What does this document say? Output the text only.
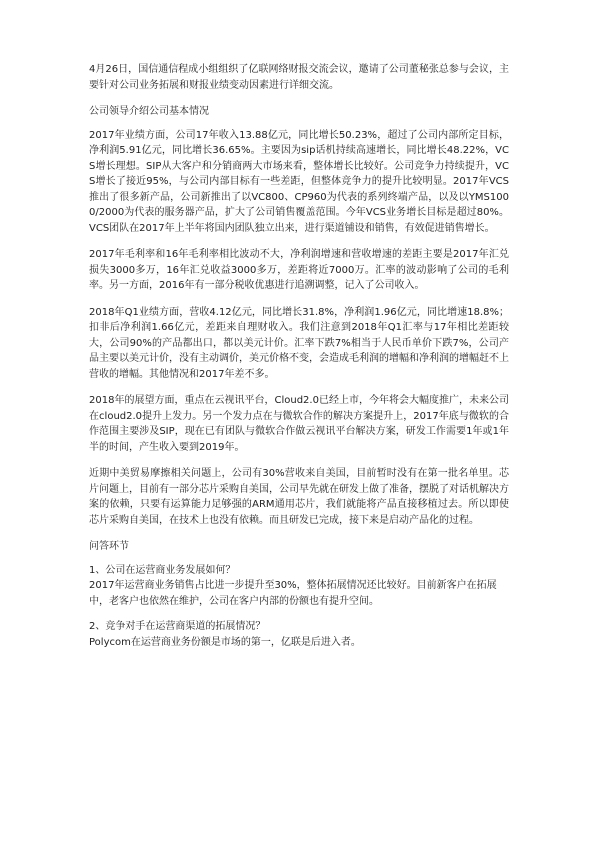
4月26日，国信通信程成小组组织了亿联网络财报交流会议，邀请了公司董秘张总参与会议，主要针对公司业务拓展和财报业绩变动因素进行详细交流。

公司领导介绍公司基本情况

2017年业绩方面，公司17年收入13.88亿元，同比增长50.23%，超过了公司内部所定目标，净利润5.91亿元，同比增长36.65%。主要因为sip话机持续高速增长，同比增长48.22%，VCS增长理想。SIP从大客户和分销商两大市场来看，整体增长比较好。公司竞争力持续提升，VCS增长了接近95%，与公司内部目标有一些差距，但整体竞争力的提升比较明显。2017年VCS推出了很多新产品，公司新推出了以VC800、CP960为代表的系列终端产品，以及以YMS1000/2000为代表的服务器产品，扩大了公司销售覆盖范围。今年VCS业务增长目标是超过80%。VCS团队在2017年上半年将国内团队独立出来，进行渠道铺设和销售，有效促进销售增长。

2017年毛利率和16年毛利率相比波动不大，净利润增速和营收增速的差距主要是2017年汇兑损失3000多万，16年汇兑收益3000多万，差距将近7000万。汇率的波动影响了公司的毛利率。另一方面，2016年有一部分税收优惠进行追溯调整，记入了公司收入。

2018年Q1业绩方面，营收4.12亿元，同比增长31.8%，净利润1.96亿元，同比增速18.8%；扣非后净利润1.66亿元，差距来自理财收入。我们注意到2018年Q1汇率与17年相比差距较大，公司90%的产品都出口，都以美元计价。汇率下跌7%相当于人民币单价下跌7%，公司产品主要以美元计价，没有主动调价，美元价格不变，会造成毛利润的增幅和净利润的增幅赶不上营收的增幅。其他情况和2017年差不多。

2018年的展望方面，重点在云视讯平台，Cloud2.0已经上市，今年将会大幅度推广，未来公司在cloud2.0提升上发力。另一个发力点在与微软合作的解决方案提升上，2017年底与微软的合作范围主要涉及SIP，现在已有团队与微软合作做云视讯平台解决方案，研发工作需要1年或1年半的时间，产生收入要到2019年。

近期中美贸易摩擦相关问题上，公司有30%营收来自美国，目前暂时没有在第一批名单里。芯片问题上，目前有一部分芯片采购自美国，公司早先就在研发上做了准备，摆脱了对话机解决方案的依赖，只要有运算能力足够强的ARM通用芯片，我们就能将产品直接移植过去。所以即使芯片采购自美国，在技术上也没有依赖。而且研发已完成，接下来是启动产品化的过程。

问答环节
1、公司在运营商业务发展如何？
2017年运营商业务销售占比进一步提升至30%，整体拓展情况还比较好。目前新客户在拓展中，老客户也依然在维护，公司在客户内部的份额也有提升空间。
2、竞争对手在运营商渠道的拓展情况？
Polycom在运营商业务份额是市场的第一，亿联是后进入者。
